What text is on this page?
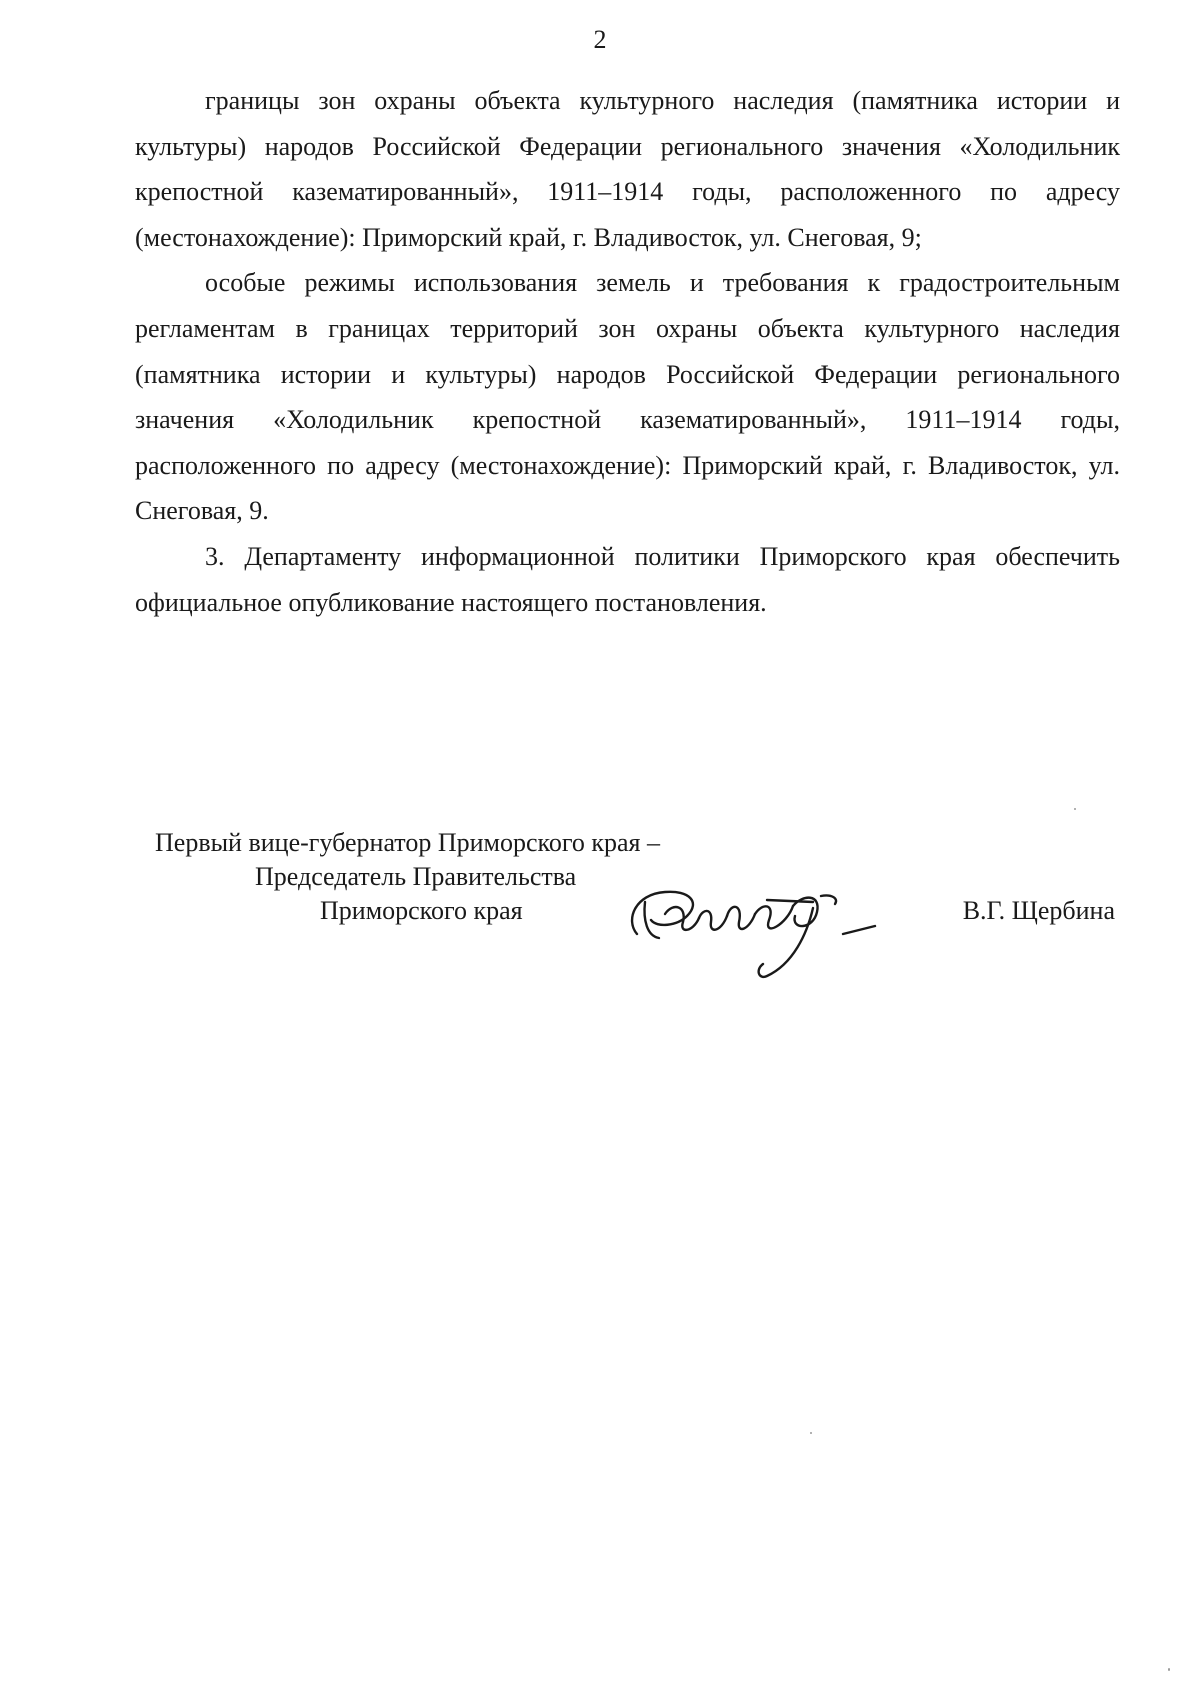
2

границы зон охраны объекта культурного наследия (памятника истории и культуры) народов Российской Федерации регионального значения «Холодильник крепостной казематированный», 1911–1914 годы, расположенного по адресу (местонахождение): Приморский край, г. Владивосток, ул. Снеговая, 9;

особые режимы использования земель и требования к градостроительным регламентам в границах территорий зон охраны объекта культурного наследия (памятника истории и культуры) народов Российской Федерации регионального значения «Холодильник крепостной казематированный», 1911–1914 годы, расположенного по адресу (местонахождение): Приморский край, г. Владивосток, ул. Снеговая, 9.

3. Департаменту информационной политики Приморского края обеспечить официальное опубликование настоящего постановления.

Первый вице-губернатор Приморского края –
Председатель Правительства
Приморского края	В.Г. Щербина
